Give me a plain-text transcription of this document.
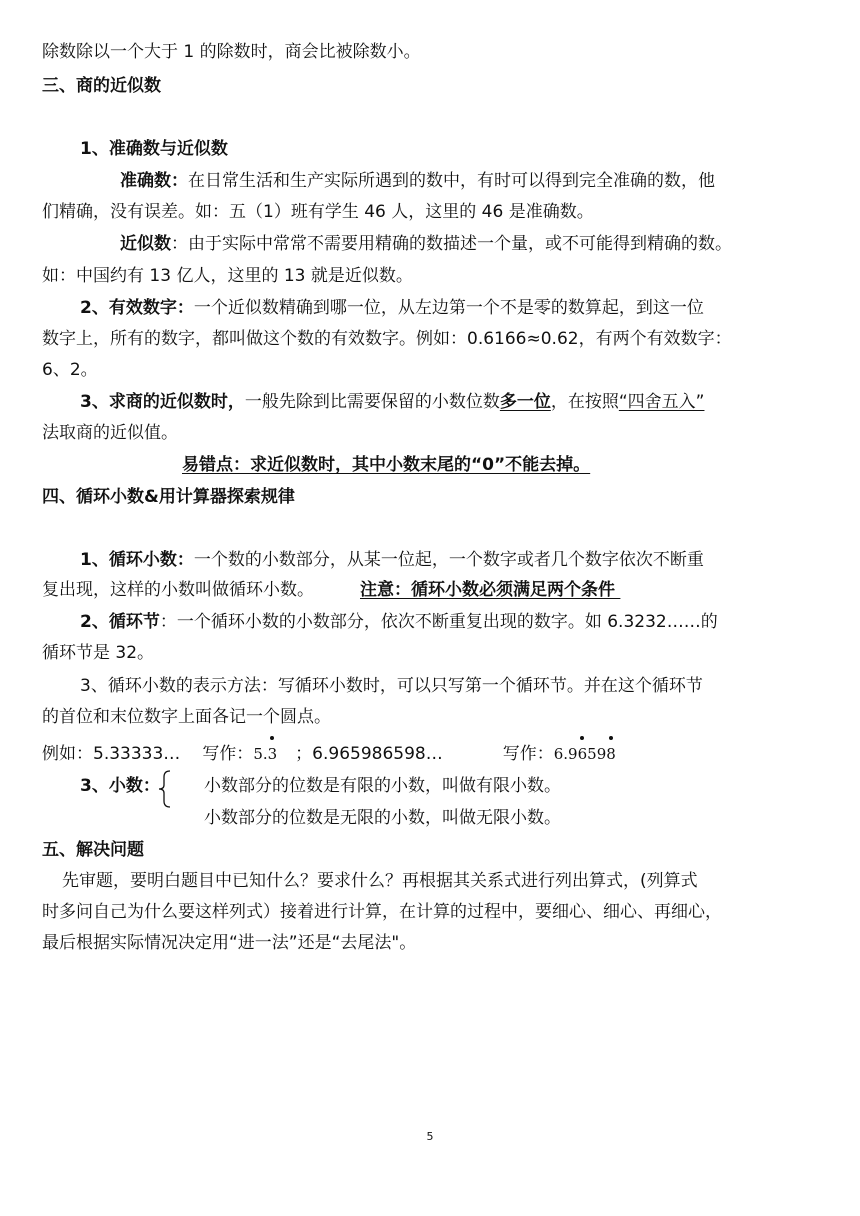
除数除以一个大于 1 的除数时，商会比被除数小。
三、商的近似数
1、准确数与近似数
准确数：在日常生活和生产实际所遇到的数中，有时可以得到完全准确的数，他
们精确，没有误差。如：五（1）班有学生 46 人，这里的 46 是准确数。
近似数：由于实际中常常不需要用精确的数描述一个量，或不可能得到精确的数。
如：中国约有 13 亿人，这里的 13 就是近似数。
2、有效数字：一个近似数精确到哪一位，从左边第一个不是零的数算起，到这一位
数字上，所有的数字，都叫做这个数的有效数字。例如：0.6166≈0.62，有两个有效数字：
6、2。
3、求商的近似数时，一般先除到比需要保留的小数位数多一位，在按照“四舍五入”
法取商的近似值。
易错点：求近似数时，其中小数末尾的“0”不能去掉。
四、循环小数&用计算器探索规律
1、循环小数：一个数的小数部分，从某一位起，一个数字或者几个数字依次不断重
复出现，这样的小数叫做循环小数。	注意：循环小数必须满足两个条件
2、循环节：一个循环小数的小数部分，依次不断重复出现的数字。如 6.3232……的
循环节是 32。
3、循环小数的表示方法：写循环小数时，可以只写第一个循环节。并在这个循环节
的首位和末位数字上面各记一个圆点。
例如：5.33333… 写作：5.3 ；6.965986598…	写作：6.96598
3、小数：	小数部分的位数是有限的小数，叫做有限小数。
小数部分的位数是无限的小数，叫做无限小数。
五、解决问题
先审题，要明白题目中已知什么？要求什么？再根据其关系式进行列出算式，(列算式
时多问自己为什么要这样列式）接着进行计算，在计算的过程中，要细心、细心、再细心，
最后根据实际情况决定用“进一法”还是“去尾法"。
5
